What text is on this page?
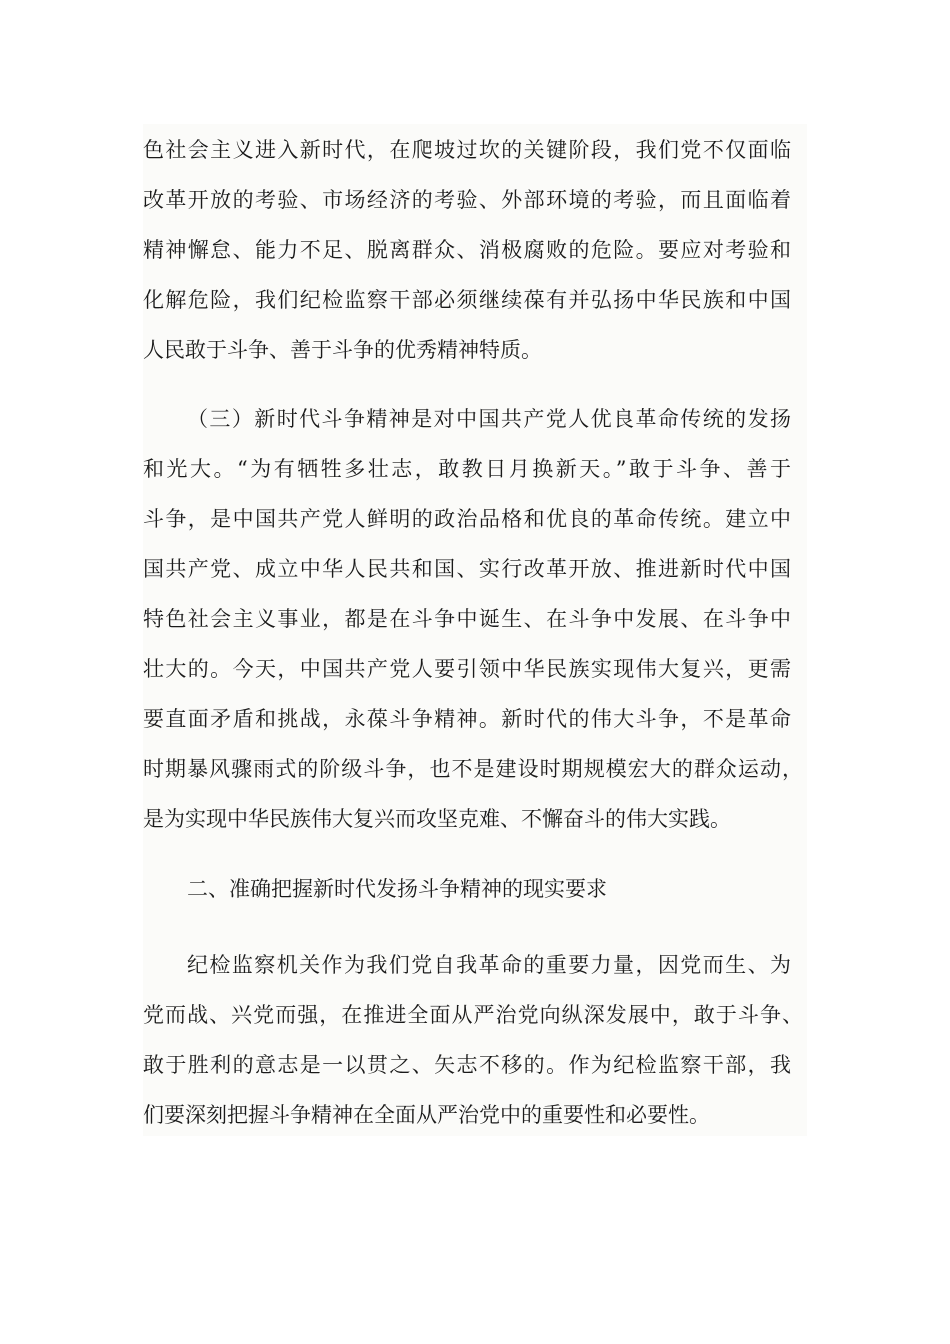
色社会主义进入新时代，在爬坡过坎的关键阶段，我们党不仅面临
改革开放的考验、市场经济的考验、外部环境的考验，而且面临着
精神懈怠、能力不足、脱离群众、消极腐败的危险。要应对考验和
化解危险，我们纪检监察干部必须继续葆有并弘扬中华民族和中国
人民敢于斗争、善于斗争的优秀精神特质。
（三）新时代斗争精神是对中国共产党人优良革命传统的发扬
和光大。“为有牺牲多壮志，敢教日月换新天。”敢于斗争、善于
斗争，是中国共产党人鲜明的政治品格和优良的革命传统。建立中
国共产党、成立中华人民共和国、实行改革开放、推进新时代中国
特色社会主义事业，都是在斗争中诞生、在斗争中发展、在斗争中
壮大的。今天，中国共产党人要引领中华民族实现伟大复兴，更需
要直面矛盾和挑战，永葆斗争精神。新时代的伟大斗争，不是革命
时期暴风骤雨式的阶级斗争，也不是建设时期规模宏大的群众运动，
是为实现中华民族伟大复兴而攻坚克难、不懈奋斗的伟大实践。
二、准确把握新时代发扬斗争精神的现实要求
纪检监察机关作为我们党自我革命的重要力量，因党而生、为
党而战、兴党而强，在推进全面从严治党向纵深发展中，敢于斗争、
敢于胜利的意志是一以贯之、矢志不移的。作为纪检监察干部，我
们要深刻把握斗争精神在全面从严治党中的重要性和必要性。
